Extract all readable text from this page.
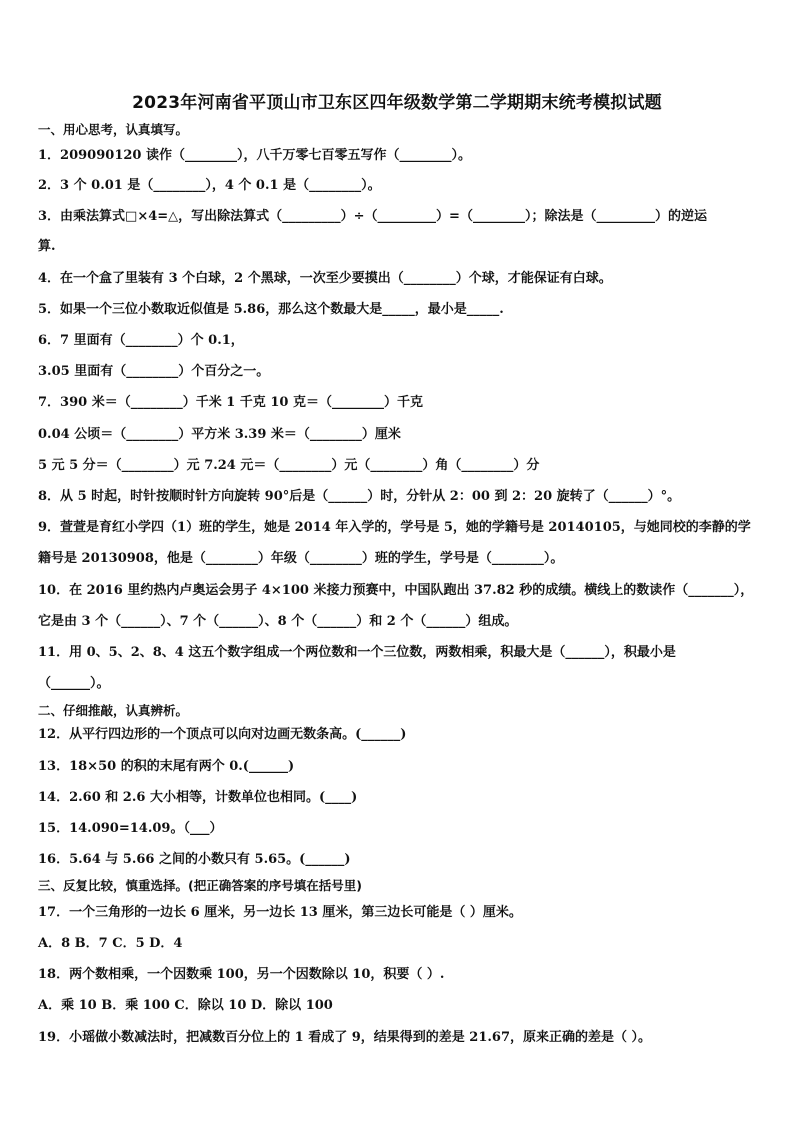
2023年河南省平顶山市卫东区四年级数学第二学期期末统考模拟试题
一、用心思考，认真填写。
1．209090120 读作（________），八千万零七百零五写作（________）。
2．3 个 0.01 是（________），4 个 0.1 是（________）。
3．由乘法算式□×4=△，写出除法算式（_________）÷（_________）=（________）；除法是（_________）的逆运
算.
4．在一个盒了里装有 3 个白球，2 个黑球，一次至少要摸出（________）个球，才能保证有白球。
5．如果一个三位小数取近似值是 5.86，那么这个数最大是_____，最小是_____.
6．7 里面有（________）个 0.1，
3.05 里面有（________）个百分之一。
7．390 米＝（________）千米 1 千克 10 克＝（________）千克
0.04 公顷＝（________）平方米 3.39 米＝（________）厘米
5 元 5 分＝（________）元 7.24 元＝（________）元（________）角（________）分
8．从 5 时起，时针按顺时针方向旋转 90°后是（______）时，分针从 2：00 到 2：20 旋转了（______）°。
9．萱萱是育红小学四（1）班的学生，她是 2014 年入学的，学号是 5，她的学籍号是 20140105，与她同校的李静的学
籍号是 20130908，他是（________）年级（________）班的学生，学号是（________）。
10．在 2016 里约热内卢奥运会男子 4×100 米接力预赛中，中国队跑出 37.82 秒的成绩。横线上的数读作（_______），
它是由 3 个（______）、7 个（______）、8 个（______）和 2 个（______）组成。
11．用 0、5、2、8、4 这五个数字组成一个两位数和一个三位数，两数相乘，积最大是（______），积最小是
（______）。
二、仔细推敲，认真辨析。
12．从平行四边形的一个顶点可以向对边画无数条高。(______)
13．18×50 的积的末尾有两个 0.(______)
14．2.60 和 2.6 大小相等，计数单位也相同。(____)
15．14.090=14.09。（___）
16．5.64 与 5.66 之间的小数只有 5.65。(______)
三、反复比较，慎重选择。(把正确答案的序号填在括号里)
17．一个三角形的一边长 6 厘米，另一边长 13 厘米，第三边长可能是（ ）厘米。
A．8 B．7 C．5 D．4
18．两个数相乘，一个因数乘 100，另一个因数除以 10，积要（ ）.
A．乘 10 B．乘 100 C．除以 10 D．除以 100
19．小瑶做小数减法时，把减数百分位上的 1 看成了 9，结果得到的差是 21.67，原来正确的差是（ ）。
